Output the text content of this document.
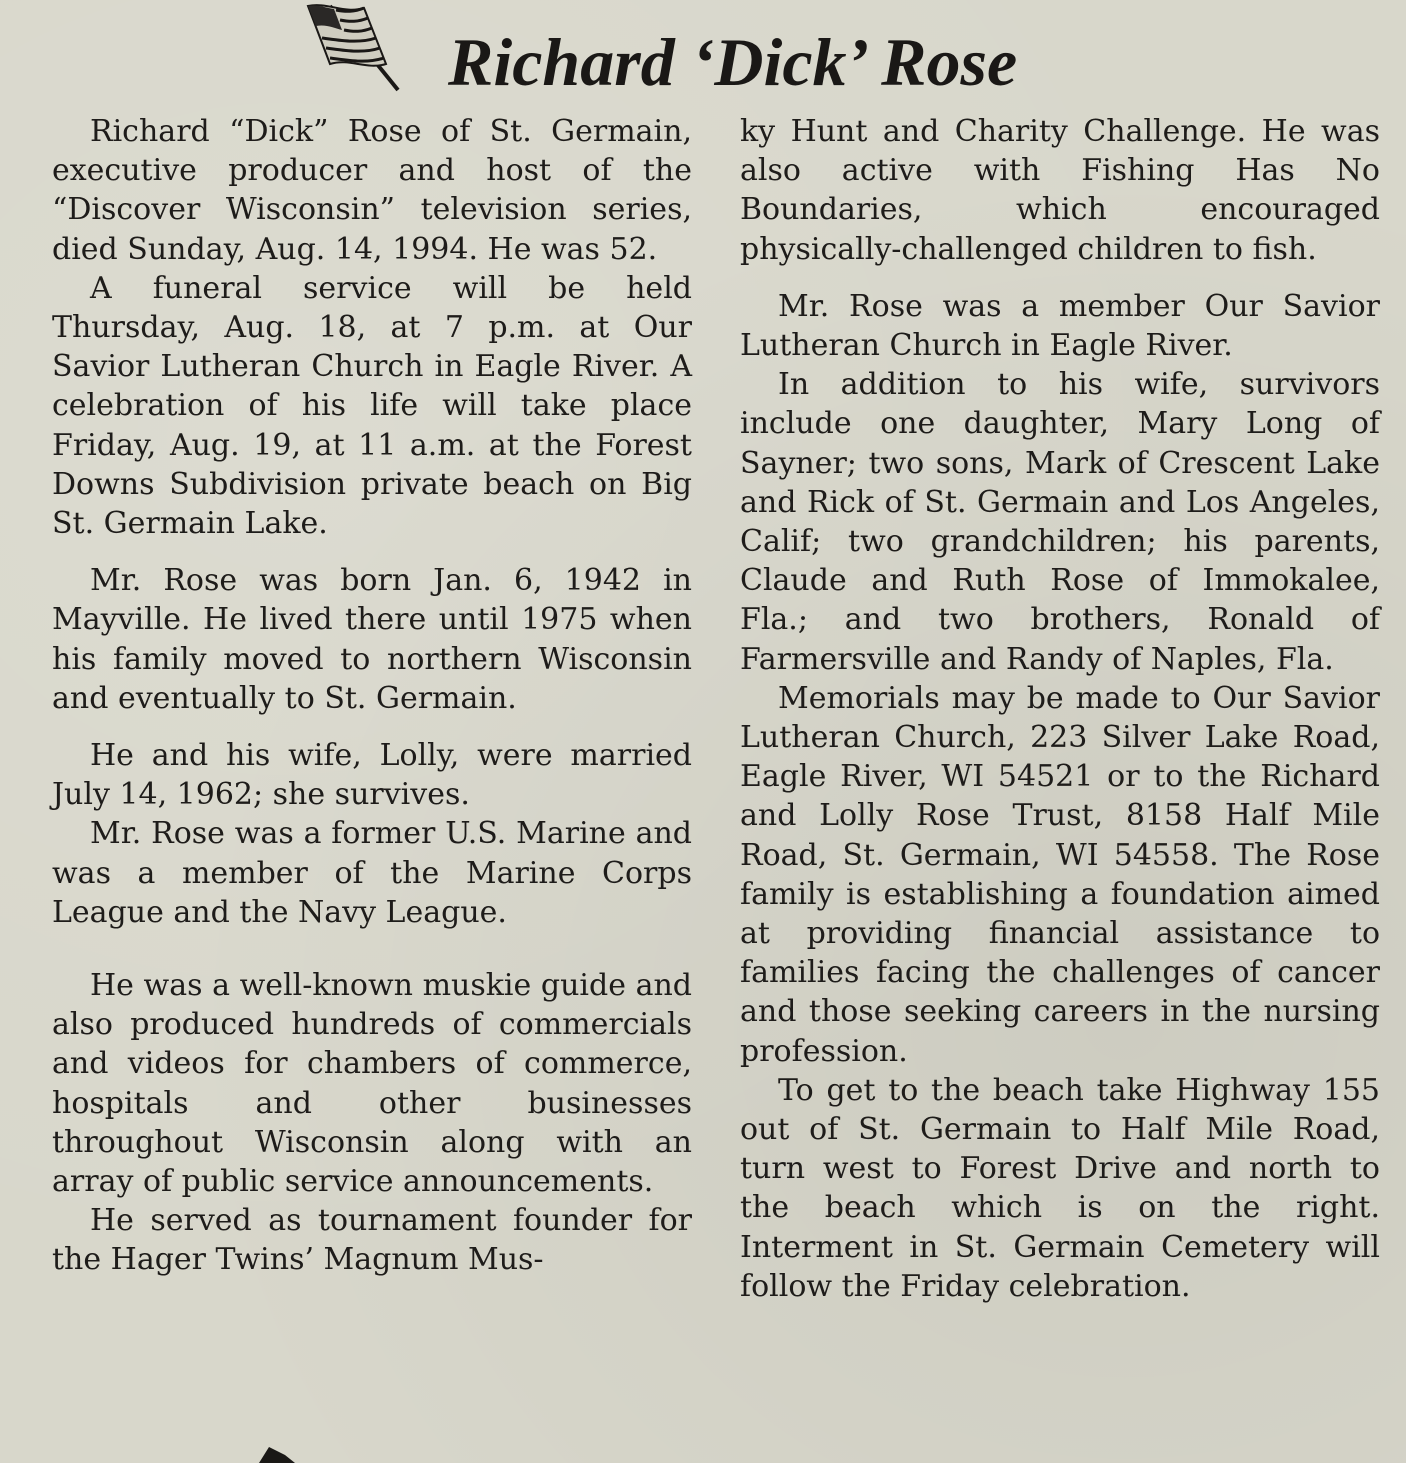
Richard ‘Dick’ Rose

Richard “Dick” Rose of St. Germain, executive producer and host of the “Discover Wisconsin” television series, died Sunday, Aug. 14, 1994. He was 52.

A funeral service will be held Thursday, Aug. 18, at 7 p.m. at Our Savior Lutheran Church in Eagle River. A celebration of his life will take place Friday, Aug. 19, at 11 a.m. at the Forest Downs Subdivision private beach on Big St. Germain Lake.

Mr. Rose was born Jan. 6, 1942 in Mayville. He lived there until 1975 when his family moved to northern Wisconsin and eventually to St. Germain.

He and his wife, Lolly, were married July 14, 1962; she survives.

Mr. Rose was a former U.S. Marine and was a member of the Marine Corps League and the Navy League.

He was a well-known muskie guide and also produced hundreds of commercials and videos for chambers of commerce, hospitals and other businesses throughout Wisconsin along with an array of public service announcements.

He served as tournament founder for the Hager Twins’ Magnum Mus-

ky Hunt and Charity Challenge. He was also active with Fishing Has No Boundaries, which encouraged physically-challenged children to fish.

Mr. Rose was a member Our Savior Lutheran Church in Eagle River.

In addition to his wife, survivors include one daughter, Mary Long of Sayner; two sons, Mark of Crescent Lake and Rick of St. Germain and Los Angeles, Calif; two grandchildren; his parents, Claude and Ruth Rose of Immokalee, Fla.; and two brothers, Ronald of Farmersville and Randy of Naples, Fla.

Memorials may be made to Our Savior Lutheran Church, 223 Silver Lake Road, Eagle River, WI 54521 or to the Richard and Lolly Rose Trust, 8158 Half Mile Road, St. Germain, WI 54558. The Rose family is establishing a foundation aimed at providing financial assistance to families facing the challenges of cancer and those seeking careers in the nursing profession.

To get to the beach take Highway 155 out of St. Germain to Half Mile Road, turn west to Forest Drive and north to the beach which is on the right. Interment in St. Germain Cemetery will follow the Friday celebration.
